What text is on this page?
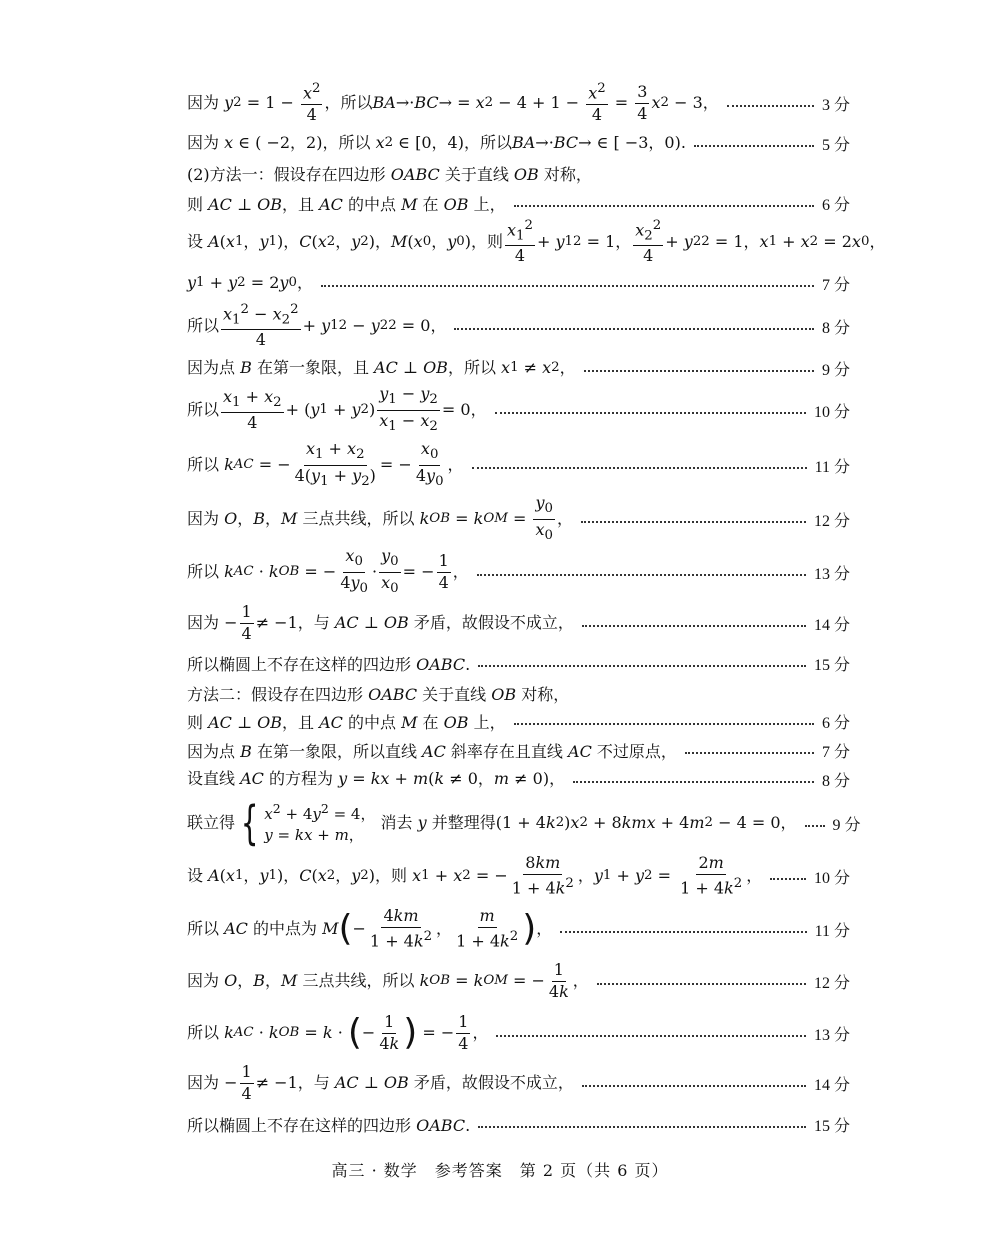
因为 y $2 = 1 - \frac{x^2}{4}$ ，所以 BA →· BC → = x $2 - 4 + 1 - \frac{x^2}{4} = \frac{3}{4}$ x 2 − 3，	3 分
因为 x ∈ ( −2，2)，所以 x 2 ∈ [0，4)，所以 BA →· BC → ∈ [ −3，0).	5 分
(2)方法一：假设存在四边形 OABC 关于直线 OB 对称，
则 AC ⊥ OB，且 AC 的中点 M 在 OB 上，	6 分
设 A ( x 1 ， y 1 )， C ( x 2 ， y 2 )， M ( x 0 ， y 0 )，则 $\frac{x_1^2}{4} + y$ 1 2 = 1， $\frac{x_2^2}{4} + y$ 2 2 = 1， x 1 + x 2 = 2 x 0 ，
y 1 + y 2 = 2 y 0 ，	7 分
所以 $\frac{x_1^2 - x_2^2}{4} + y$ 1 2 − y 2 2 = 0，	8 分
因为点 B 在第一象限，且 AC ⊥ OB ，所以 x 1 ≠ x 2 ，	9 分
所以 $\frac{x_1 + x_2}{4}$ + ( y 1 + y 2 ) $\frac{y_1 - y_2}{x_1 - x_2} = 0$，	10 分
所以 k AC = − $\frac{x_1 + x_2}{4(y_1 + y_2)}$ = − $\frac{x_0}{4y_0}$ ，	11 分
因为 O ， B ， M 三点共线，所以 k OB = k OM = $\frac{y_0}{x_0}$ ，	12 分
所以 k AC · k OB = − $\frac{x_0}{4y_0} \cdot \frac{y_0}{x_0}$ = − $\frac{1}{4}$ ，	13 分
因为 − $\frac{1}{4} \ne -1$，与 AC ⊥ OB 矛盾，故假设不成立，	14 分
所以椭圆上不存在这样的四边形 OABC.	15 分
方法二：假设存在四边形 OABC 关于直线 OB 对称，
则 AC ⊥ OB，且 AC 的中点 M 在 OB 上，	6 分
因为点 B 在第一象限，所以直线 AC 斜率存在且直线 AC 不过原点，	7 分
设直线 AC 的方程为 y = kx + m ( k ≠ 0， m ≠ 0)，	8 分
联立得 { $x^2 + 4y^2 = 4$，
y = kx + m，
消去 y 并整理得(1 + 4 k 2 ) x 2 + 8 kmx + 4 m 2 − 4 = 0， 9 分
设 A ( x 1 ， y 1 )， C ( x 2 ， y 2 )，则 x 1 + x 2 = − $\frac{8km}{1 + 4k^2}$ ， y 1 + y $2 = \frac{2m}{1 + 4k^2}$ ，	10 分
所以 AC 的中点为 M ( − $\frac{4km}{1 + 4k^2}$ ， $\frac{m}{1 + 4k^2}$ ) ，	11 分
因为 O ， B ， M 三点共线，所以 k OB = k OM = − $\frac{1}{4k}$ ，	12 分
所以 k AC · k OB = k · ( − $\frac{1}{4k}$ ) = − $\frac{1}{4}$ ，	13 分
因为 − $\frac{1}{4} \ne -1$，与 AC ⊥ OB 矛盾，故假设不成立，	14 分
所以椭圆上不存在这样的四边形 OABC.	15 分
高三 · 数学　参考答案　第 2 页（共 6 页）
